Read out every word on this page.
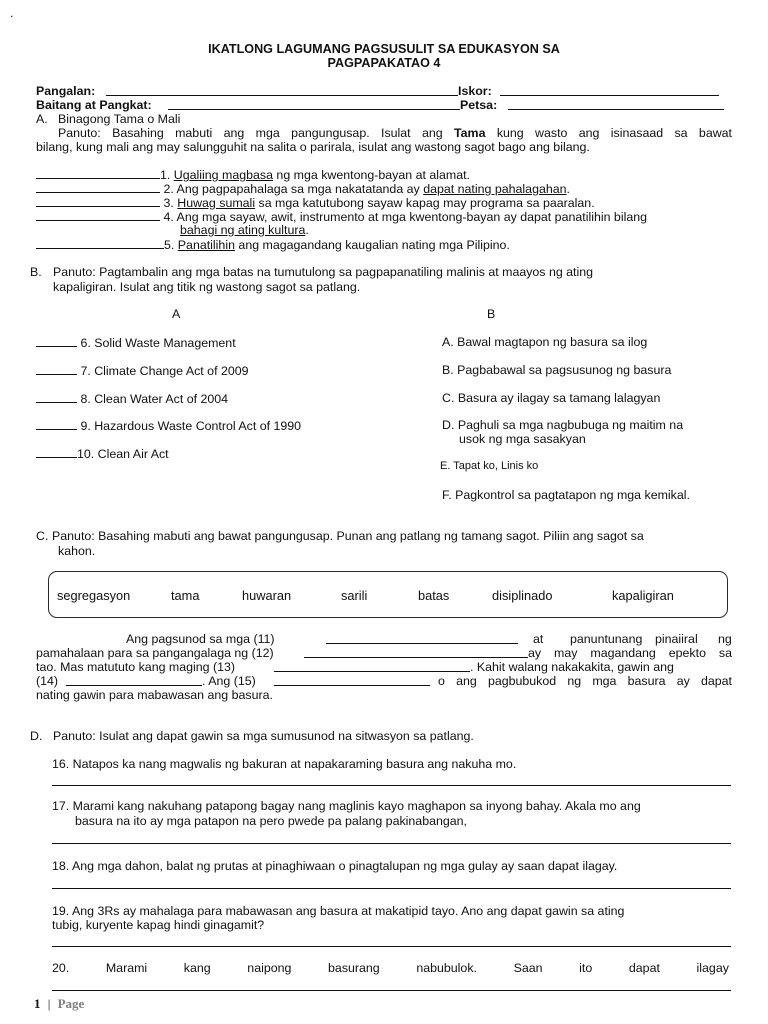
.
IKATLONG LAGUMANG PAGSUSULIT SA EDUKASYON SA
PAGPAPAKATAO 4
Pangalan:	Iskor:
Baitang at Pangkat:	Petsa:
A. Binagong Tama o Mali
Panuto: Basahing mabuti ang mga pangungusap. Isulat ang Tama kung wasto ang isinasaad sa bawat
bilang, kung mali ang may salungguhit na salita o parirala, isulat ang wastong sagot bago ang bilang.
1. Ugaliing magbasa ng mga kwentong-bayan at alamat.
2. Ang pagpapahalaga sa mga nakatatanda ay dapat nating pahalagahan.
3. Huwag sumali sa mga katutubong sayaw kapag may programa sa paaralan.
4. Ang mga sayaw, awit, instrumento at mga kwentong-bayan ay dapat panatilihin bilang
bahagi ng ating kultura.
5. Panatilihin ang magagandang kaugalian nating mga Pilipino.
B. Panuto: Pagtambalin ang mga batas na tumutulong sa pagpapanatiling malinis at maayos ng ating
kapaligiran. Isulat ang titik ng wastong sagot sa patlang.
A	B
6. Solid Waste Management
7. Climate Change Act of 2009
8. Clean Water Act of 2004
9. Hazardous Waste Control Act of 1990
10. Clean Air Act
A. Bawal magtapon ng basura sa ilog
B. Pagbabawal sa pagsusunog ng basura
C. Basura ay ilagay sa tamang lalagyan
D. Paghuli sa mga nagbubuga ng maitim na
usok ng mga sasakyan
E. Tapat ko, Linis ko
F. Pagkontrol sa pagtatapon ng mga kemikal.
C. Panuto: Basahing mabuti ang bawat pangungusap. Punan ang patlang ng tamang sagot. Piliin ang sagot sa
kahon.
segregasyon	tama	huwaran	sarili	batas	disiplinado	kapaligiran
Ang pagsunod sa mga (11)	at panuntunang pinaiiral ng
pamahalaan para sa pangangalaga ng (12)	ay may magandang epekto sa
tao. Mas matututo kang maging (13)	. Kahit walang nakakakita, gawin ang
(14)	. Ang (15)	o ang pagbubukod ng mga basura ay dapat
nating gawin para mabawasan ang basura.
D. Panuto: Isulat ang dapat gawin sa mga sumusunod na sitwasyon sa patlang.
16. Natapos ka nang magwalis ng bakuran at napakaraming basura ang nakuha mo.
17. Marami kang nakuhang patapong bagay nang maglinis kayo maghapon sa inyong bahay. Akala mo ang
basura na ito ay mga patapon na pero pwede pa palang pakinabangan,
18. Ang mga dahon, balat ng prutas at pinaghiwaan o pinagtalupan ng mga gulay ay saan dapat ilagay.
19. Ang 3Rs ay mahalaga para mabawasan ang basura at makatipid tayo. Ano ang dapat gawin sa ating
tubig, kuryente kapag hindi ginagamit?
20.	Marami	kang	naipong	basurang	nabubulok.	Saan	ito	dapat	ilagay
1 | Page
